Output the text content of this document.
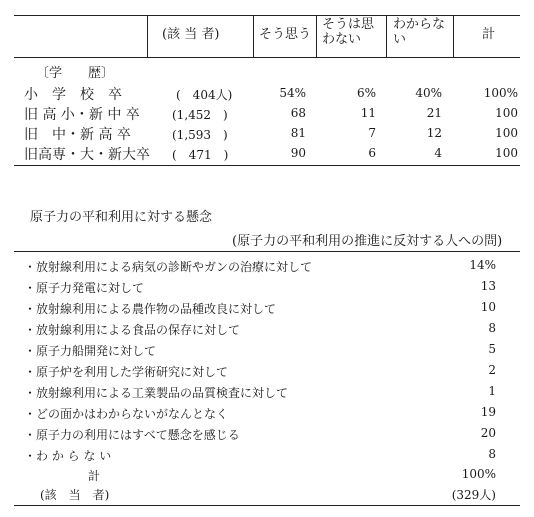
(該 当 者)	そう思う
そうは思
わない
わからな
い	計
〔学　　歴〕
小　学　校　卒	(　404人)	54%	6%	40%	100%
旧 高 小・新 中 卒	(1,452　)	68	11	21	100
旧　中・新 高 卒	(1,593　)	81	7	12	100
旧高専・大・新大卒 (　471　)	90	6	4	100
原子力の平和利用に対する懸念
(原子力の平和利用の推進に反対する人への問)
・放射線利用による病気の診断やガンの治療に対して	14%
・原子力発電に対して	13
・放射線利用による農作物の品種改良に対して	10
・放射線利用による食品の保存に対して	8
・原子力船開発に対して	5
・原子炉を利用した学術研究に対して	2
・放射線利用による工業製品の品質検査に対して	1
・どの面かはわからないがなんとなく	19
・原子力の利用にはすべて懸念を感じる	20
・わ か ら な い	8
計	100%
(該　当　者)	(329人)
